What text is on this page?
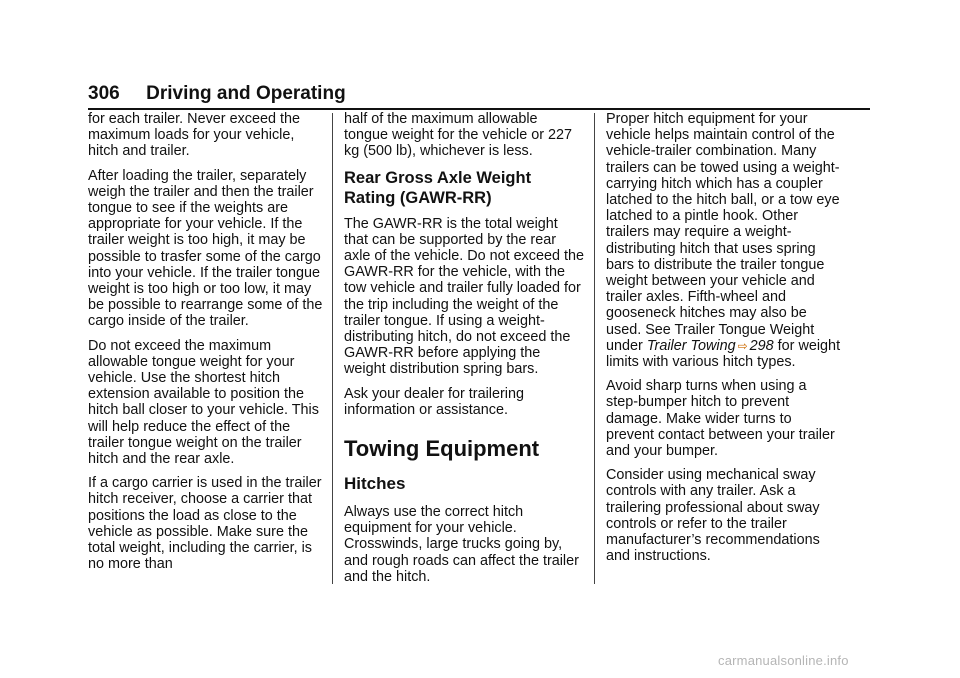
306 Driving and Operating

for each trailer. Never exceed the maximum loads for your vehicle, hitch and trailer.

After loading the trailer, separately weigh the trailer and then the trailer tongue to see if the weights are appropriate for your vehicle. If the trailer weight is too high, it may be possible to trasfer some of the cargo into your vehicle. If the trailer tongue weight is too high or too low, it may be possible to rearrange some of the cargo inside of the trailer.

Do not exceed the maximum allowable tongue weight for your vehicle. Use the shortest hitch extension available to position the hitch ball closer to your vehicle. This will help reduce the effect of the trailer tongue weight on the trailer hitch and the rear axle.

If a cargo carrier is used in the trailer hitch receiver, choose a carrier that positions the load as close to the vehicle as possible. Make sure the total weight, including the carrier, is no more than

half of the maximum allowable tongue weight for the vehicle or 227 kg (500 lb), whichever is less.

Rear Gross Axle Weight Rating (GAWR-RR)

The GAWR-RR is the total weight that can be supported by the rear axle of the vehicle. Do not exceed the GAWR-RR for the vehicle, with the tow vehicle and trailer fully loaded for the trip including the weight of the trailer tongue. If using a weight-distributing hitch, do not exceed the GAWR-RR before applying the weight distribution spring bars.

Ask your dealer for trailering information or assistance.

Towing Equipment
Hitches

Always use the correct hitch equipment for your vehicle. Crosswinds, large trucks going by, and rough roads can affect the trailer and the hitch.

Proper hitch equipment for your vehicle helps maintain control of the vehicle-trailer combination. Many trailers can be towed using a weight-carrying hitch which has a coupler latched to the hitch ball, or a tow eye latched to a pintle hook. Other trailers may require a weight-distributing hitch that uses spring bars to distribute the trailer tongue weight between your vehicle and trailer axles. Fifth-wheel and gooseneck hitches may also be used. See Trailer Tongue Weight under Trailer Towing ⇨ 298 for weight limits with various hitch types.

Avoid sharp turns when using a step-bumper hitch to prevent damage. Make wider turns to prevent contact between your trailer and your bumper.

Consider using mechanical sway controls with any trailer. Ask a trailering professional about sway controls or refer to the trailer manufacturer’s recommendations and instructions.

carmanualsonline.info
